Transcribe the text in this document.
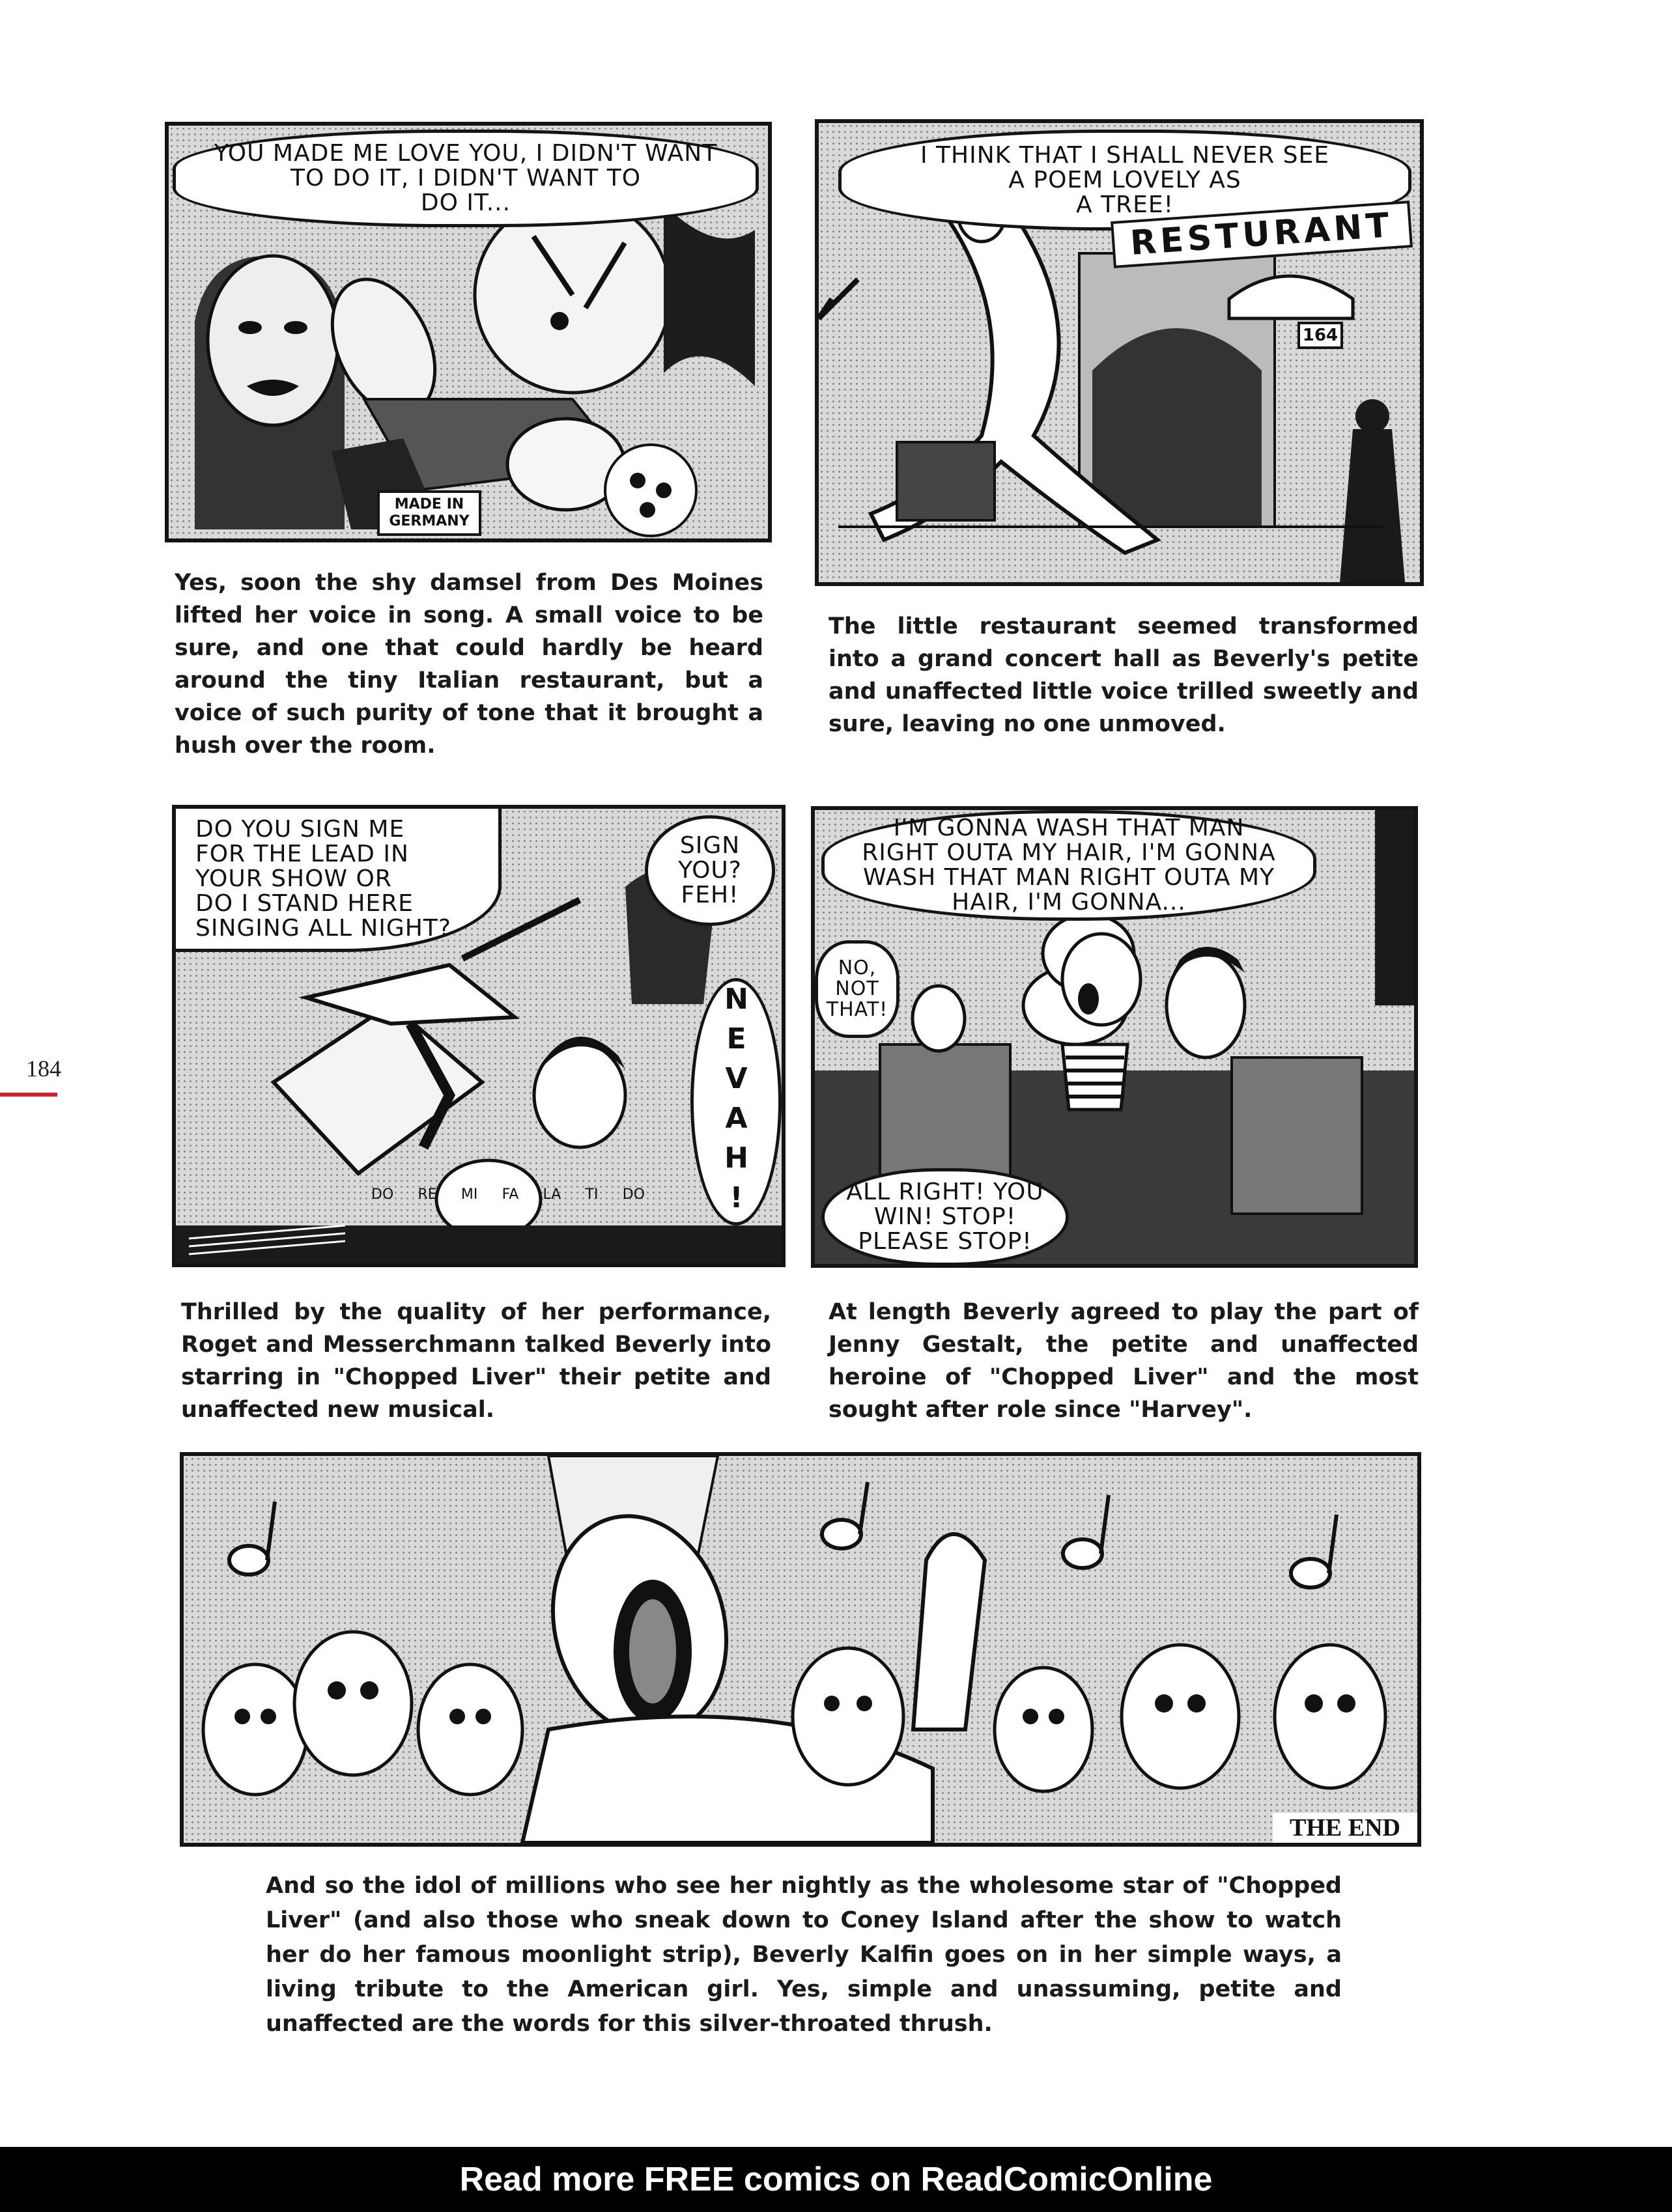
YOU MADE ME LOVE YOU, I DIDN'T WANT TO DO IT, I DIDN'T WANT TO
DO IT...
MADE IN
GERMANY
I THINK THAT I SHALL NEVER SEE
A POEM LOVELY AS
A TREE!
RESTURANT
164
Yes, soon the shy damsel from Des Moines lifted her voice in song. A small voice to be sure, and one that could hardly be heard around the tiny Italian restaurant, but a voice of such purity of tone that it brought a hush over the room.
The little restaurant seemed transformed into a grand concert hall as Beverly's petite and unaffected little voice trilled sweetly and sure, leaving no one unmoved.
DO YOU SIGN ME
FOR THE LEAD IN
YOUR SHOW OR
DO I STAND HERE
SINGING ALL NIGHT?
SIGN
YOU?
FEH!
NEVAH!
DO RE MI FA LA TI DO
I'M GONNA WASH THAT MAN RIGHT OUTA MY HAIR, I'M GONNA WASH THAT MAN RIGHT OUTA MY HAIR, I'M GONNA...
NO,
NOT
THAT!
ALL RIGHT! YOU
WIN! STOP!
PLEASE STOP!
Thrilled by the quality of her performance, Roget and Messerchmann talked Beverly into starring in "Chopped Liver" their petite and unaffected new musical.
At length Beverly agreed to play the part of Jenny Gestalt, the petite and unaffected heroine of "Chopped Liver" and the most sought after role since "Harvey".
THE END
And so the idol of millions who see her nightly as the wholesome star of "Chopped Liver" (and also those who sneak down to Coney Island after the show to watch her do her famous moonlight strip), Beverly Kalfin goes on in her simple ways, a living tribute to the American girl. Yes, simple and unassuming, petite and unaffected are the words for this silver-throated thrush.
184
Read more FREE comics on ReadComicOnline
